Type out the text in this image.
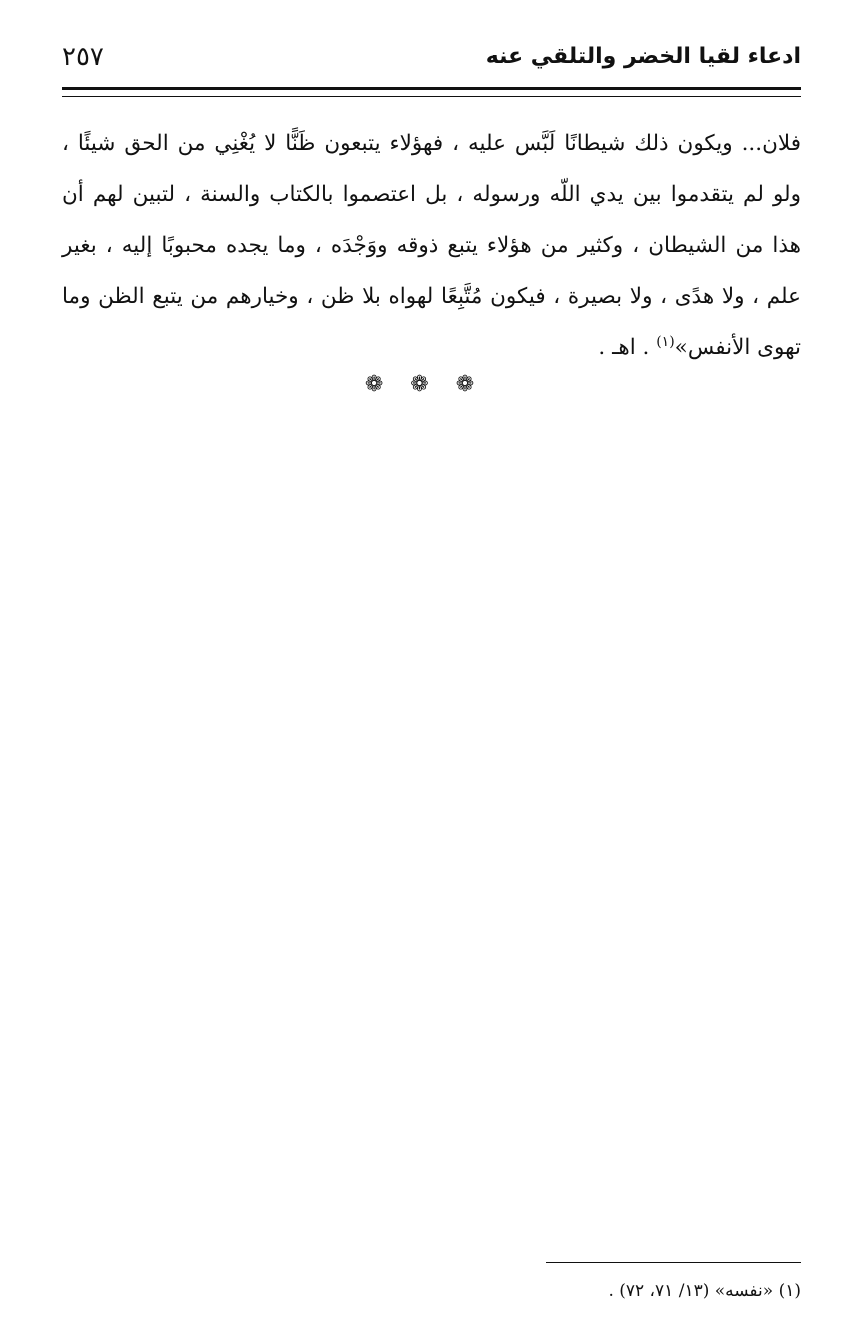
٢٥٧	ادعاء لقيا الخضر والتلقي عنه

فلان... ويكون ذلك شيطانًا لَبَّس عليه ، فهؤلاء يتبعون ظَنًّا لا يُغْنِي من الحق شيئًا ، ولو لم يتقدموا بين يدي اللّه ورسوله ، بل اعتصموا بالكتاب والسنة ، لتبين لهم أن هذا من الشيطان ، وكثير من هؤلاء يتبع ذوقه ووَجْدَه ، وما يجده محبوبًا إليه ، بغير علم ، ولا هدًى ، ولا بصيرة ، فيكون مُتَّبِعًا لهواه بلا ظن ، وخيارهم من يتبع الظن وما تهوى الأنفس»$^{(١)}$ . اهـ .

❁ ❁ ❁
(١) «نفسه» (١٣/ ٧١، ٧٢) .
